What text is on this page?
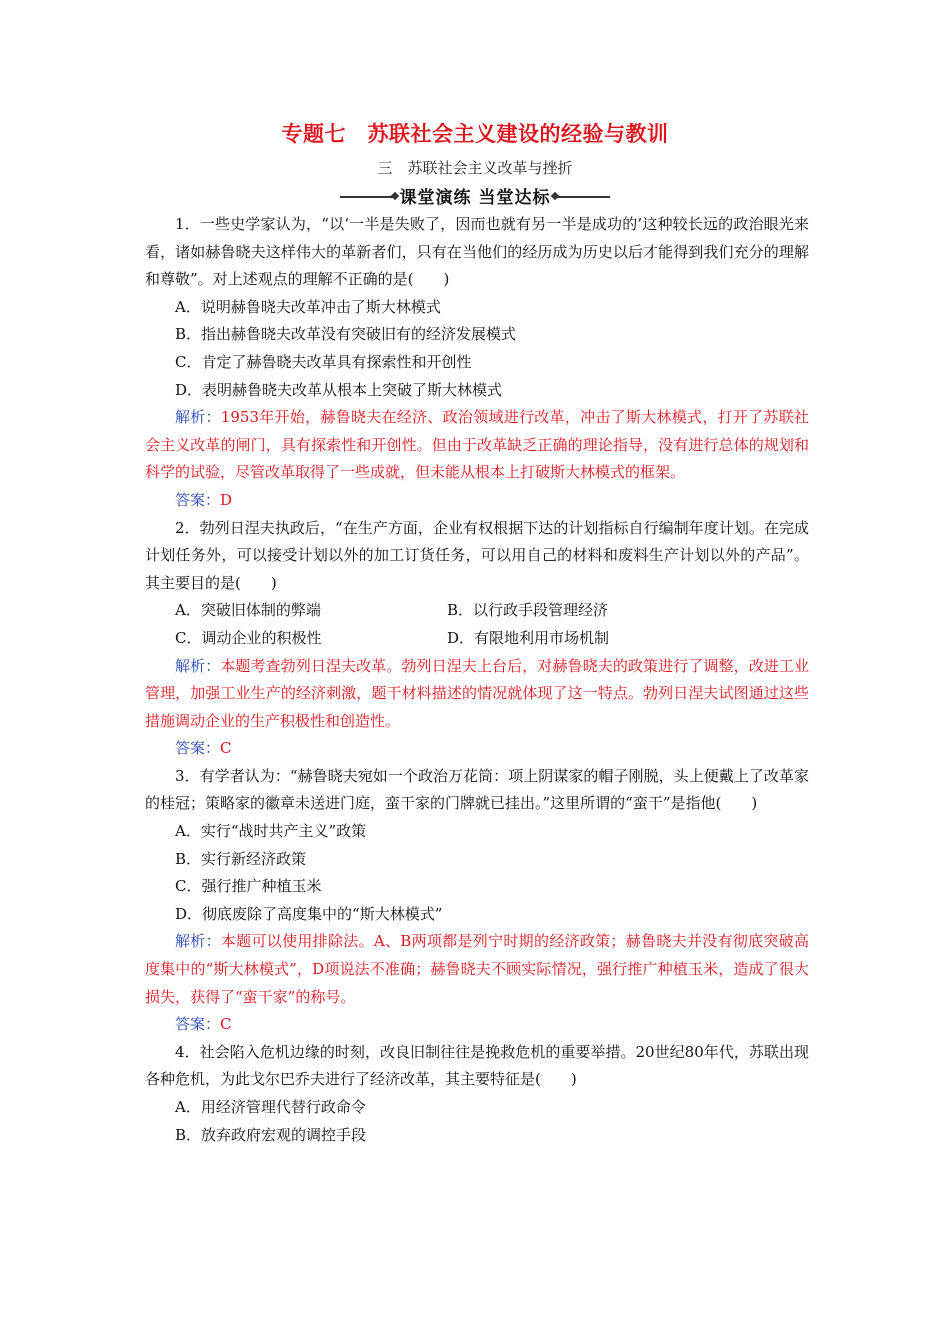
专题七　苏联社会主义建设的经验与教训
三　苏联社会主义改革与挫折
课堂演练 当堂达标

1．一些史学家认为，“以‘一半是失败了，因而也就有另一半是成功的’这种较长远的政治眼光来看，诸如赫鲁晓夫这样伟大的革新者们，只有在当他们的经历成为历史以后才能得到我们充分的理解和尊敬”。对上述观点的理解不正确的是(　　)

A．说明赫鲁晓夫改革冲击了斯大林模式

B．指出赫鲁晓夫改革没有突破旧有的经济发展模式

C．肯定了赫鲁晓夫改革具有探索性和开创性

D．表明赫鲁晓夫改革从根本上突破了斯大林模式

解析：1953年开始，赫鲁晓夫在经济、政治领域进行改革，冲击了斯大林模式，打开了苏联社会主义改革的闸门，具有探索性和开创性。但由于改革缺乏正确的理论指导，没有进行总体的规划和科学的试验，尽管改革取得了一些成就，但未能从根本上打破斯大林模式的框架。

答案：D

2．勃列日涅夫执政后，“在生产方面，企业有权根据下达的计划指标自行编制年度计划。在完成计划任务外，可以接受计划以外的加工订货任务，可以用自己的材料和废料生产计划以外的产品”。其主要目的是(　　)

A．突破旧体制的弊端	B．以行政手段管理经济
C．调动企业的积极性	D．有限地利用市场机制

解析：本题考查勃列日涅夫改革。勃列日涅夫上台后，对赫鲁晓夫的政策进行了调整，改进工业管理，加强工业生产的经济刺激，题干材料描述的情况就体现了这一特点。勃列日涅夫试图通过这些措施调动企业的生产积极性和创造性。

答案：C

3．有学者认为：“赫鲁晓夫宛如一个政治万花筒：项上阴谋家的帽子刚脱，头上便戴上了改革家的桂冠；策略家的徽章未送进门庭，蛮干家的门牌就已挂出。”这里所谓的“蛮干”是指他(　　)

A．实行“战时共产主义”政策

B．实行新经济政策

C．强行推广种植玉米

D．彻底废除了高度集中的“斯大林模式”

解析：本题可以使用排除法。A、B两项都是列宁时期的经济政策；赫鲁晓夫并没有彻底突破高度集中的“斯大林模式”，D项说法不准确；赫鲁晓夫不顾实际情况，强行推广种植玉米，造成了很大损失，获得了“蛮干家”的称号。

答案：C

4．社会陷入危机边缘的时刻，改良旧制往往是挽救危机的重要举措。20世纪80年代，苏联出现各种危机，为此戈尔巴乔夫进行了经济改革，其主要特征是(　　)

A．用经济管理代替行政命令

B．放弃政府宏观的调控手段
